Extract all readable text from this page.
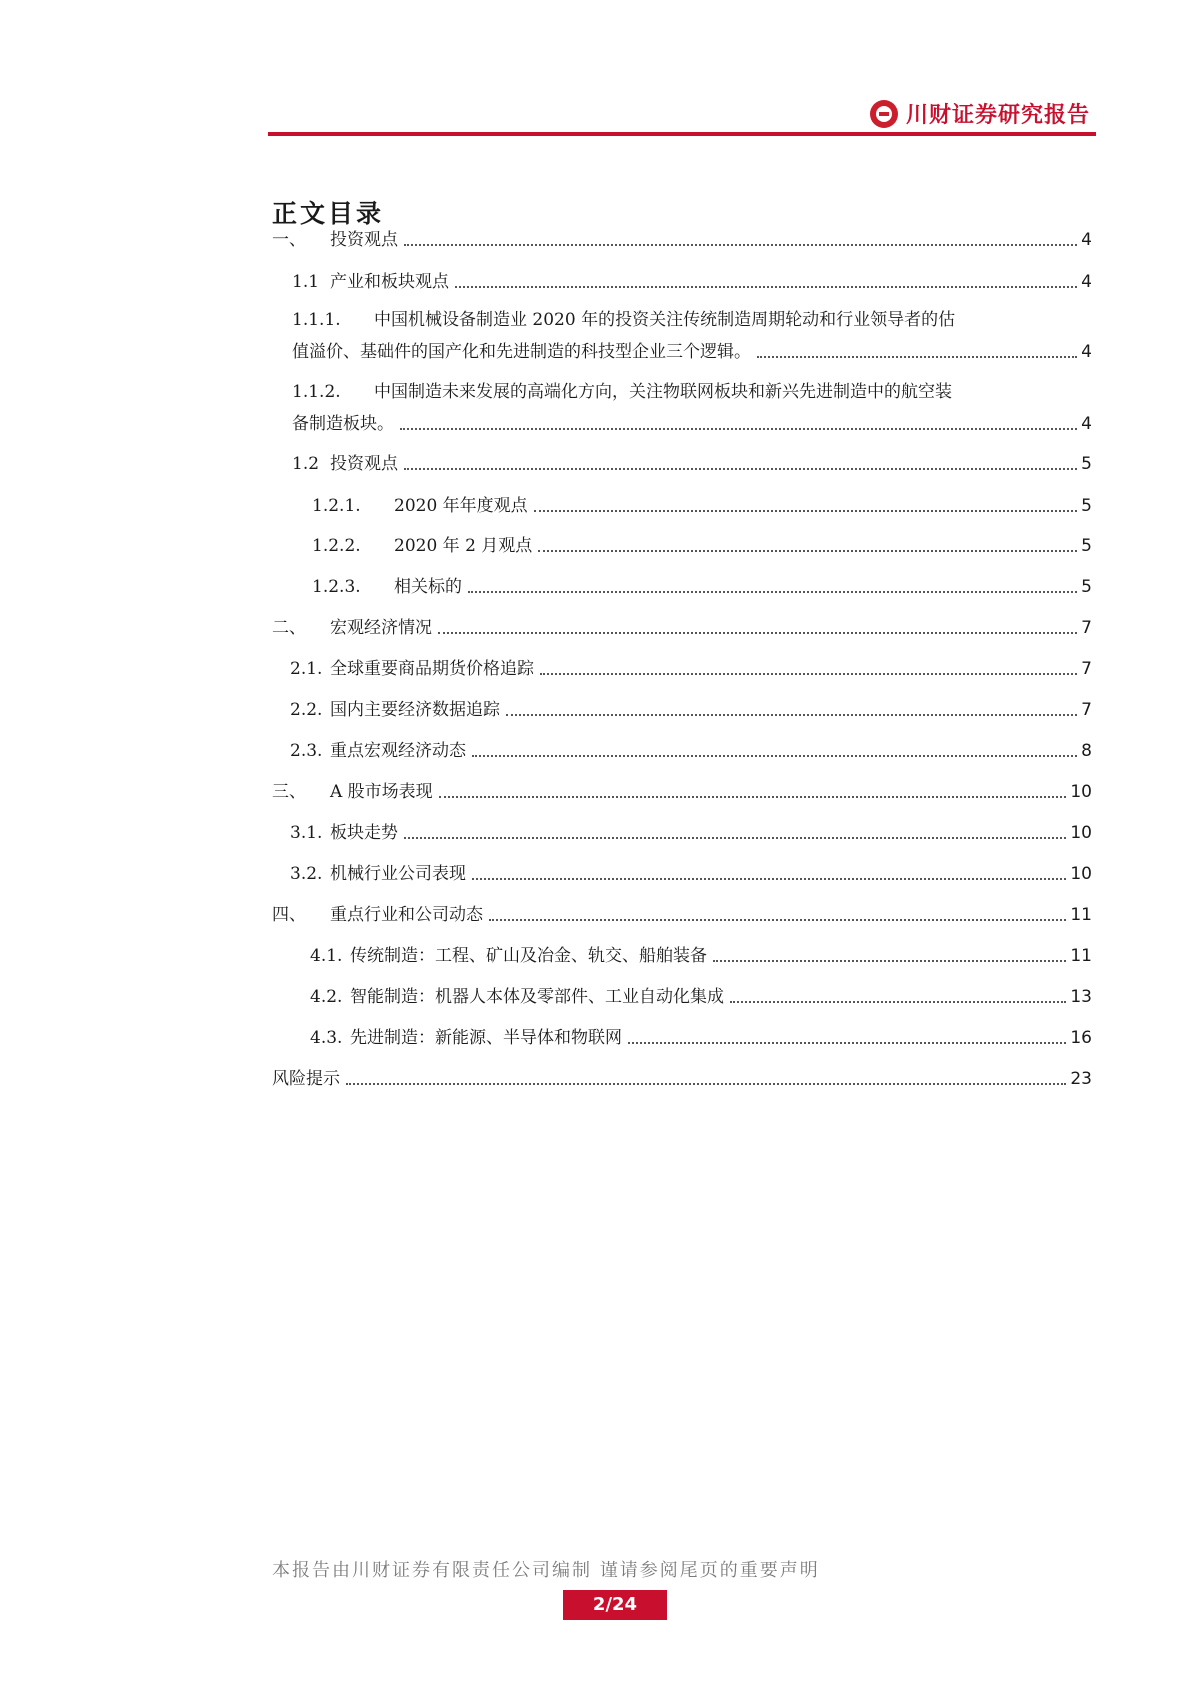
川财证券研究报告
正文目录
一、	投资观点	4
1.1 产业和板块观点	4
1.1.1. 中国机械设备制造业 2020 年的投资关注传统制造周期轮动和行业领导者的估
值溢价、基础件的国产化和先进制造的科技型企业三个逻辑。	4
1.1.2. 中国制造未来发展的高端化方向，关注物联网板块和新兴先进制造中的航空装
备制造板块。	4
1.2 投资观点	5
1.2.1.	2020 年年度观点	5
1.2.2.	2020 年 2 月观点	5
1.2.3.	相关标的	5
二、	宏观经济情况	7
2.1. 全球重要商品期货价格追踪	7
2.2. 国内主要经济数据追踪	7
2.3. 重点宏观经济动态	8
三、	A 股市场表现	10
3.1. 板块走势	10
3.2. 机械行业公司表现	10
四、	重点行业和公司动态	11
4.1. 传统制造：工程、矿山及冶金、轨交、船舶装备	11
4.2. 智能制造：机器人本体及零部件、工业自动化集成	13
4.3. 先进制造：新能源、半导体和物联网	16
风险提示	23
本报告由川财证券有限责任公司编制 谨请参阅尾页的重要声明
2/24
